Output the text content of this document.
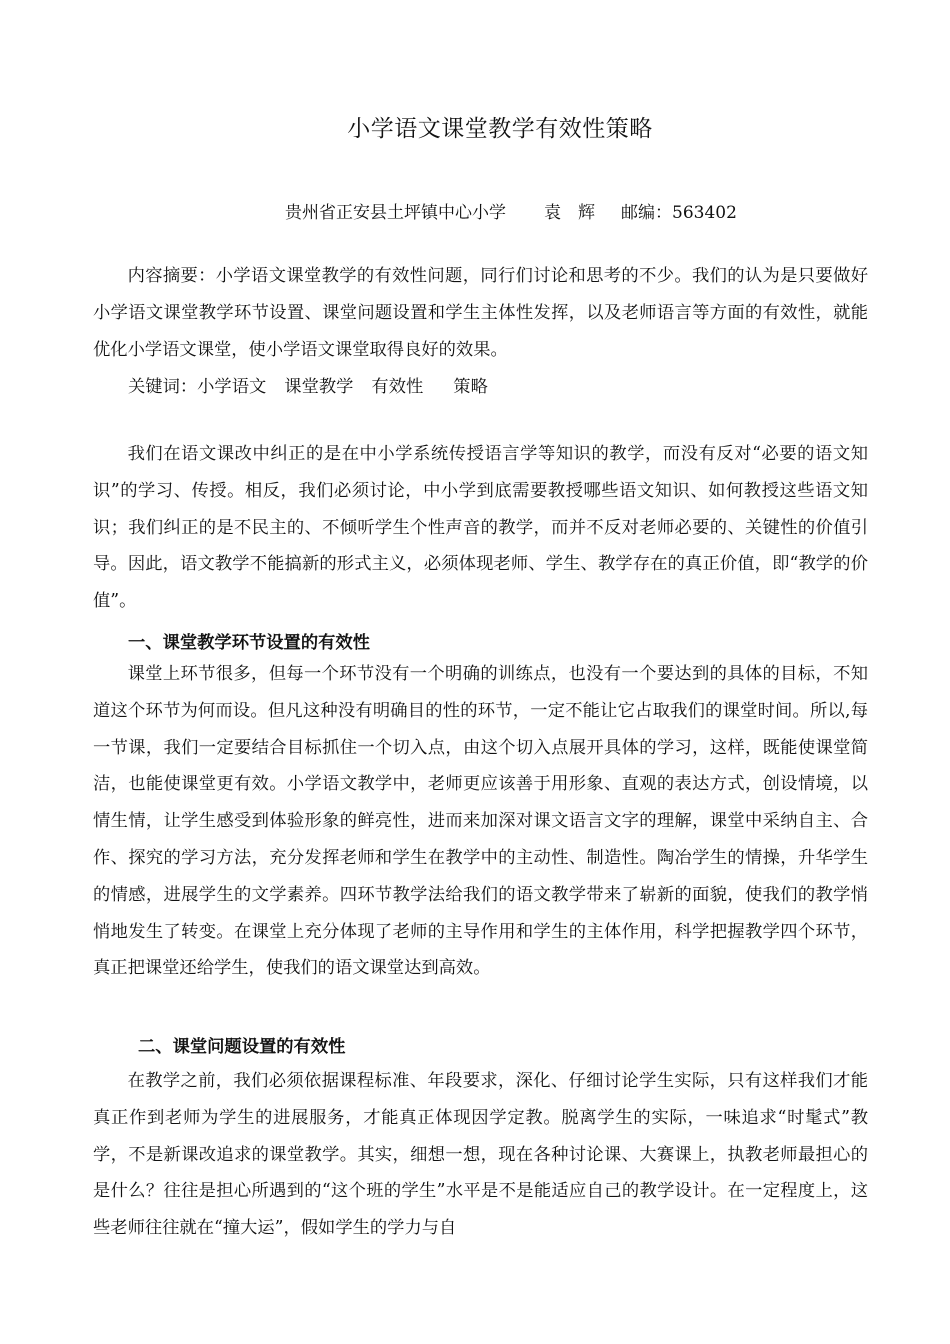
小学语文课堂教学有效性策略
贵州省正安县土坪镇中心小学 袁　辉 邮编：563402

内容摘要：小学语文课堂教学的有效性问题，同行们讨论和思考的不少。我们的认为是只要做好小学语文课堂教学环节设置、课堂问题设置和学生主体性发挥，以及老师语言等方面的有效性，就能优化小学语文课堂，使小学语文课堂取得良好的效果。

关键词：小学语文 课堂教学 有效性 策略

我们在语文课改中纠正的是在中小学系统传授语言学等知识的教学，而没有反对“必要的语文知识”的学习、传授。相反，我们必须讨论，中小学到底需要教授哪些语文知识、如何教授这些语文知识；我们纠正的是不民主的、不倾听学生个性声音的教学，而并不反对老师必要的、关键性的价值引导。因此，语文教学不能搞新的形式主义，必须体现老师、学生、教学存在的真正价值，即“教学的价值”。

一、课堂教学环节设置的有效性

课堂上环节很多，但每一个环节没有一个明确的训练点，也没有一个要达到的具体的目标，不知道这个环节为何而设。但凡这种没有明确目的性的环节，一定不能让它占取我们的课堂时间。所以,每一节课，我们一定要结合目标抓住一个切入点，由这个切入点展开具体的学习，这样，既能使课堂简洁，也能使课堂更有效。小学语文教学中，老师更应该善于用形象、直观的表达方式，创设情境，以情生情，让学生感受到体验形象的鲜亮性，进而来加深对课文语言文字的理解，课堂中采纳自主、合作、探究的学习方法，充分发挥老师和学生在教学中的主动性、制造性。陶冶学生的情操，升华学生的情感，进展学生的文学素养。四环节教学法给我们的语文教学带来了崭新的面貌，使我们的教学悄悄地发生了转变。在课堂上充分体现了老师的主导作用和学生的主体作用，科学把握教学四个环节，真正把课堂还给学生，使我们的语文课堂达到高效。

二、课堂问题设置的有效性

在教学之前，我们必须依据课程标准、年段要求，深化、仔细讨论学生实际，只有这样我们才能真正作到老师为学生的进展服务，才能真正体现因学定教。脱离学生的实际，一味追求“时髦式”教学，不是新课改追求的课堂教学。其实，细想一想，现在各种讨论课、大赛课上，执教老师最担心的是什么？往往是担心所遇到的“这个班的学生”水平是不是能适应自己的教学设计。在一定程度上，这些老师往往就在“撞大运”，假如学生的学力与自
